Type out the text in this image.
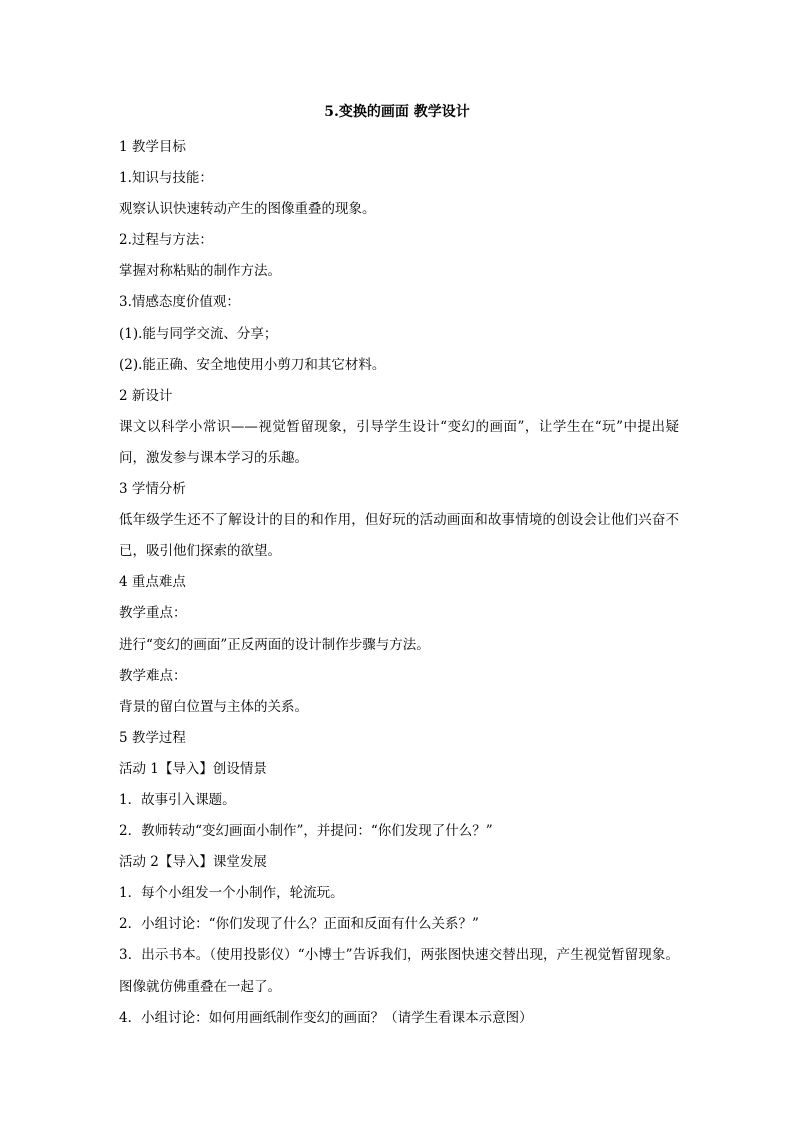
5.变换的画面 教学设计
1 教学目标
1.知识与技能：
观察认识快速转动产生的图像重叠的现象。
2.过程与方法：
掌握对称粘贴的制作方法。
3.情感态度价值观：
(1).能与同学交流、分享；
(2).能正确、安全地使用小剪刀和其它材料。
2 新设计
课文以科学小常识——视觉暂留现象，引导学生设计“变幻的画面”，让学生在“玩”中提出疑问，激发参与课本学习的乐趣。
3 学情分析
低年级学生还不了解设计的目的和作用，但好玩的活动画面和故事情境的创设会让他们兴奋不已，吸引他们探索的欲望。
4 重点难点
教学重点：
进行“变幻的画面”正反两面的设计制作步骤与方法。
教学难点：
背景的留白位置与主体的关系。
5 教学过程
活动 1【导入】创设情景
1．故事引入课题。
2．教师转动“变幻画面小制作”，并提问：“你们发现了什么？”
活动 2【导入】课堂发展
1．每个小组发一个小制作，轮流玩。
2．小组讨论：“你们发现了什么？正面和反面有什么关系？”
3．出示书本。（使用投影仪）“小博士”告诉我们，两张图快速交替出现，产生视觉暂留现象。图像就仿佛重叠在一起了。
4．小组讨论：如何用画纸制作变幻的画面？（请学生看课本示意图）
